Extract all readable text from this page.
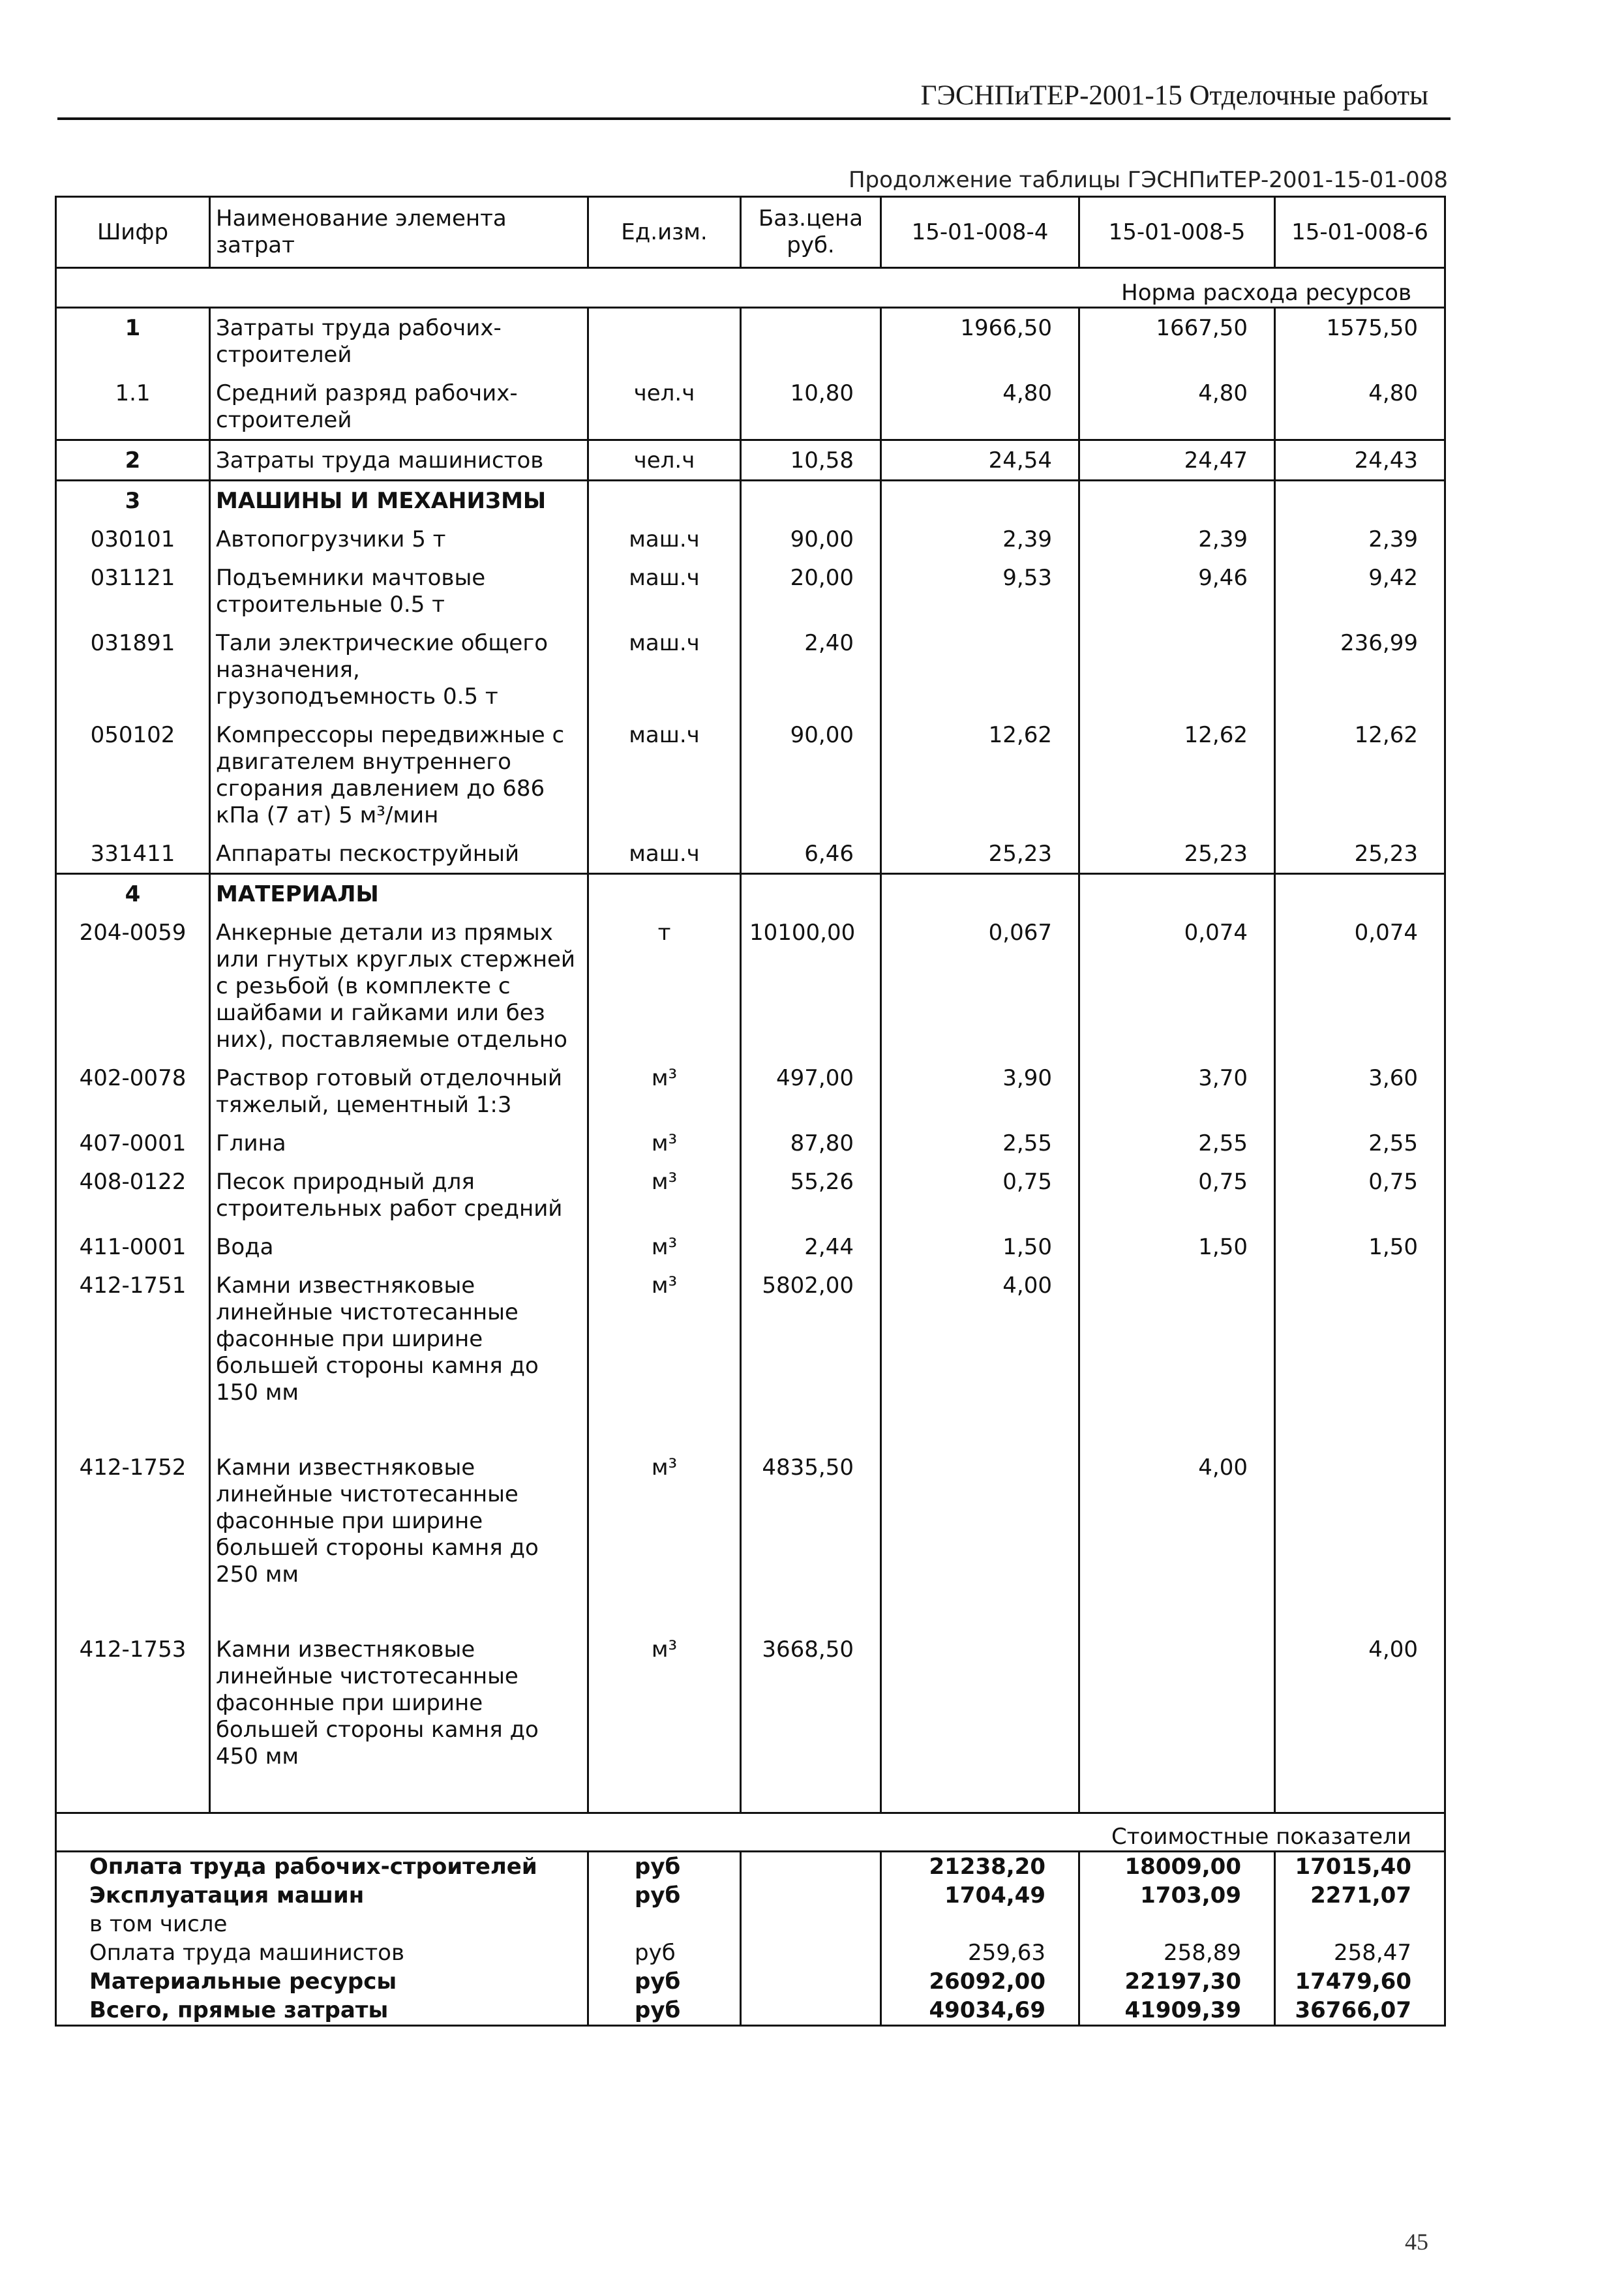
ГЭСНПиТЕР-2001-15 Отделочные работы
Продолжение таблицы ГЭСНПиТЕР-2001-15-01-008
Шифр	Наименование элемента затрат	Ед.изм.	Баз.цена руб.	15-01-008-4	15-01-008-5	15-01-008-6
Норма расхода ресурсов						
1	Затраты труда рабочих-строителей			1966,50	1667,50	1575,50
1.1	Средний разряд рабочих-строителей	чел.ч	10,80	4,80	4,80	4,80
2	Затраты труда машинистов	чел.ч	10,58	24,54	24,47	24,43
3	МАШИНЫ И МЕХАНИЗМЫ					
030101	Автопогрузчики 5 т	маш.ч	90,00	2,39	2,39	2,39
031121	Подъемники мачтовые строительные 0.5 т	маш.ч	20,00	9,53	9,46	9,42
031891	Тали электрические общего назначения, грузоподъемность 0.5 т	маш.ч	2,40			236,99
050102	Компрессоры передвижные с двигателем внутреннего сгорания давлением до 686 кПа (7 ат) 5 м³/мин	маш.ч	90,00	12,62	12,62	12,62
331411	Аппараты пескоструйный	маш.ч	6,46	25,23	25,23	25,23
4	МАТЕРИАЛЫ					
204-0059	Анкерные детали из прямых или гнутых круглых стержней с резьбой (в комплекте с шайбами и гайками или без них), поставляемые отдельно	т	10100,00	0,067	0,074	0,074
402-0078	Раствор готовый отделочный тяжелый, цементный 1:3	м³	497,00	3,90	3,70	3,60
407-0001	Глина	м³	87,80	2,55	2,55	2,55
408-0122	Песок природный для строительных работ средний	м³	55,26	0,75	0,75	0,75
411-0001	Вода	м³	2,44	1,50	1,50	1,50
412-1751	Камни известняковые линейные чистотесанные фасонные при ширине большей стороны камня до 150 мм	м³	5802,00	4,00		

412-1752	Камни известняковые линейные чистотесанные фасонные при ширине большей стороны камня до 250 мм	м³	4835,50		4,00	

412-1753	Камни известняковые линейные чистотесанные фасонные при ширине большей стороны камня до 450 мм	м³	3668,50			4,00

Стоимостные показатели						
Оплата труда рабочих-строителей		руб		21238,20	18009,00	17015,40
Эксплуатация машин		руб		1704,49	1703,09	2271,07
в том числе						
Оплата труда машинистов		руб		259,63	258,89	258,47
Материальные ресурсы		руб		26092,00	22197,30	17479,60
Всего, прямые затраты		руб		49034,69	41909,39	36766,07
45
